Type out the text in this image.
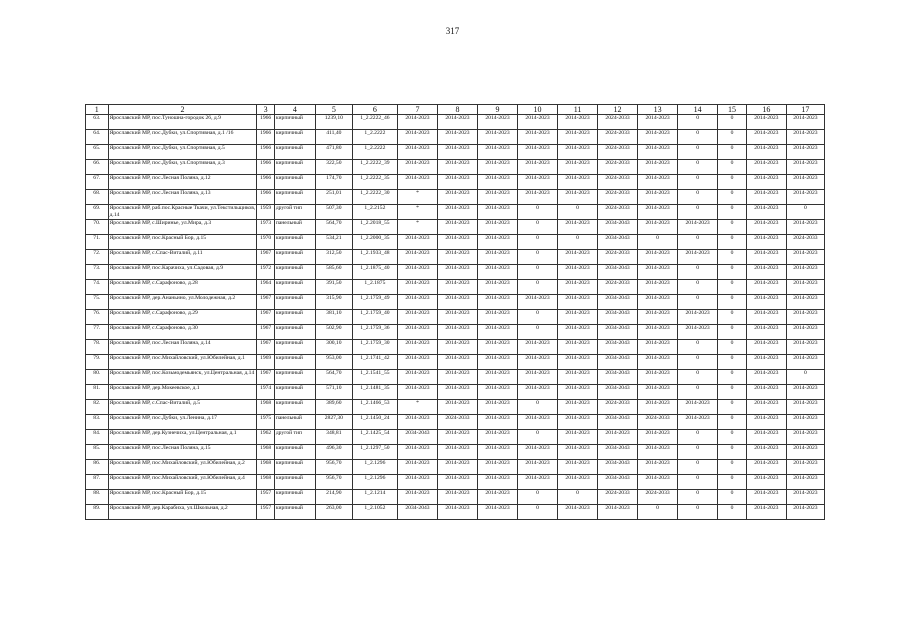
317
1	2	3	4	5	6	7	8	9	10	11	12	13	14	15	16	17
63.	Ярославский МР, пос.Туношна-городок 26, д.9	1966	кирпичный	1239,10	1_2.2222_46	2014-2023	2014-2023	2014-2023	2014-2023	2014-2023	2024-2033	2014-2023	0	0	2014-2023	2014-2023
64.	Ярославский МР, пос.Дубки, ул.Спортивная, д.1 /16	1966	кирпичный	411,40	1_2.2222	2014-2023	2014-2023	2014-2023	2014-2023	2014-2023	2024-2033	2014-2023	0	0	2014-2023	2014-2023
65.	Ярославский МР, пос.Дубки, ул.Спортивная, д.5	1966	кирпичный	471,80	1_2.2222	2014-2023	2014-2023	2014-2023	2014-2023	2014-2023	2024-2033	2014-2023	0	0	2014-2023	2014-2023
66.	Ярославский МР, пос.Дубки, ул.Спортивная, д.3	1966	кирпичный	322,50	1_2.2222_39	2014-2023	2014-2023	2014-2023	2014-2023	2014-2023	2024-2033	2014-2023	0	0	2014-2023	2014-2023
67.	Ярославский МР, пос.Лесная Поляна, д.12	1966	кирпичный	174,70	1_2.2222_35	2014-2023	2014-2023	2014-2023	2014-2023	2014-2023	2024-2033	2014-2023	0	0	2014-2023	2014-2023
68.	Ярославский МР, пос.Лесная Поляна, д.13	1966	кирпичный	251,01	1_2.2222_30	*	2014-2023	2014-2023	2014-2023	2014-2023	2024-2033	2014-2023	0	0	2014-2023	2014-2023
69.	Ярославский МР, раб.пос.Красные Ткачи, ул.Текстильщиков, д.14	1959	другой тип	507,30	1_2.2152	*	2014-2023	2014-2023	0	0	2024-2033	2014-2023	0	0	2014-2023	0
70.	Ярославский МР, с.Ширинье, ул.Мира, д.3	1973	панельный	564,70	1_2.2018_55	*	2014-2023	2014-2023	0	2014-2023	2034-2043	2014-2023	2014-2023	0	2014-2023	2014-2023
71.	Ярославский МР, пос.Красный Бор, д.15	1970	кирпичный	534,21	1_2.2000_35	2014-2023	2014-2023	2014-2023	0	0	2034-2043	0	0	0	2014-2023	2024-2033
72.	Ярославский МР, с.Спас-Виталий, д.11	1967	кирпичный	312,50	1_2.1933_48	2014-2023	2014-2023	2014-2023	0	2014-2023	2024-2033	2014-2023	2014-2023	0	2014-2023	2014-2023
73.	Ярославский МР, пос.Карачиха, ул.Садовая, д.9	1972	кирпичный	585,60	1_2.1875_40	2014-2023	2014-2023	2014-2023	0	2014-2023	2034-2043	2014-2023	0	0	2014-2023	2014-2023
74.	Ярославский МР, с.Сарафоново, д.28	1964	кирпичный	391,50	1_2.1875	2014-2023	2014-2023	2014-2023	0	2014-2023	2024-2033	2014-2023	0	0	2014-2023	2014-2023
75.	Ярославский МР, дер.Ананьино, ул.Молодежная, д.2	1967	кирпичный	315,90	1_2.1759_49	2014-2023	2014-2023	2014-2023	2014-2023	2014-2023	2034-2043	2014-2023	0	0	2014-2023	2014-2023
76.	Ярославский МР, с.Сарафоново, д.29	1967	кирпичный	381,10	1_2.1759_40	2014-2023	2014-2023	2014-2023	0	2014-2023	2034-2043	2014-2023	2014-2023	0	2014-2023	2014-2023
77.	Ярославский МР, с.Сарафоново, д.30	1967	кирпичный	502,90	1_2.1759_36	2014-2023	2014-2023	2014-2023	0	2014-2023	2034-2043	2014-2023	2014-2023	0	2014-2023	2014-2023
78.	Ярославский МР, пос.Лесная Поляна, д.14	1967	кирпичный	300,10	1_2.1759_30	2014-2023	2014-2023	2014-2023	2014-2023	2014-2023	2034-2043	2014-2023	0	0	2014-2023	2014-2023
79.	Ярославский МР, пос.Михайловский, ул.Юбилейная, д.1	1969	кирпичный	953,00	1_2.1741_42	2014-2023	2014-2023	2014-2023	2014-2023	2014-2023	2034-2043	2014-2023	0	0	2014-2023	2014-2023
80.	Ярославский МР, пос.Козьмодемьянск, ул.Центральная, д.14	1967	кирпичный	564,70	1_2.1541_55	2014-2023	2014-2023	2014-2023	2014-2023	2014-2023	2034-2043	2014-2023	0	0	2014-2023	0
81.	Ярославский МР, дер.Мокеевское, д.1	1974	кирпичный	571,10	1_2.1481_35	2014-2023	2014-2023	2014-2023	2014-2023	2014-2023	2034-2043	2014-2023	0	0	2014-2023	2014-2023
82.	Ярославский МР, с.Спас-Виталий, д.5	1968	кирпичный	389,60	1_2.1466_53	*	2014-2023	2014-2023	0	2014-2023	2024-2033	2014-2023	2014-2023	0	2014-2023	2014-2023
83.	Ярославский МР, пос.Дубки, ул.Ленина, д.17	1975	панельный	2827,30	1_2.1450_24	2014-2023	2024-2033	2014-2023	2014-2023	2014-2023	2034-2043	2024-2033	2014-2023	0	2014-2023	2014-2023
84.	Ярославский МР, дер.Кузнечиха, ул.Центральная, д.1	1962	другой тип	348,81	1_2.1425_54	2034-2043	2014-2023	2014-2023	0	2014-2023	2014-2023	2014-2023	0	0	2014-2023	2014-2023
85.	Ярославский МР, пос.Лесная Поляна, д.15	1968	кирпичный	496,30	1_2.1297_50	2014-2023	2014-2023	2014-2023	2014-2023	2014-2023	2034-2043	2014-2023	0	0	2014-2023	2014-2023
86.	Ярославский МР, пос.Михайловский, ул.Юбилейная, д.2	1968	кирпичный	956,70	1_2.1296	2014-2023	2014-2023	2014-2023	2014-2023	2014-2023	2034-2043	2014-2023	0	0	2014-2023	2014-2023
87.	Ярославский МР, пос.Михайловский, ул.Юбилейная, д.4	1968	кирпичный	956,70	1_2.1296	2014-2023	2014-2023	2014-2023	2014-2023	2014-2023	2034-2043	2014-2023	0	0	2014-2023	2014-2023
88.	Ярославский МР, пос.Красный Бор, д.15	1957	кирпичный	214,90	1_2.1214	2014-2023	2014-2023	2014-2023	0	0	2024-2033	2024-2033	0	0	2014-2023	2014-2023
89.	Ярославский МР, дер.Карабиха, ул.Школьная, д.2	1957	кирпичный	263,00	1_2.1052	2034-2043	2014-2023	2014-2023	0	2014-2023	2014-2023	0	0	0	2014-2023	2014-2023
